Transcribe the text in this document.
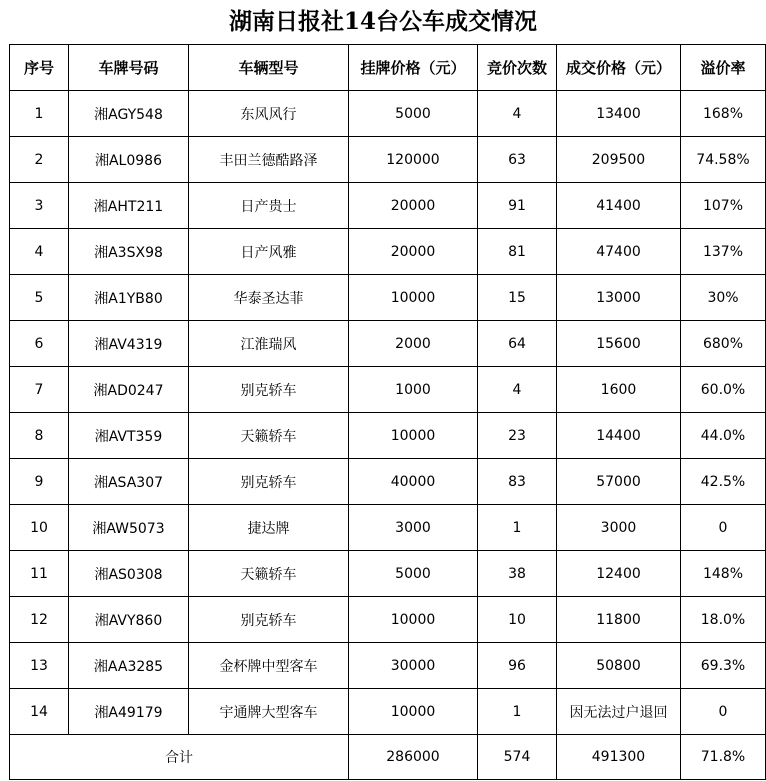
湖南日报社14台公车成交情况
序号	车牌号码	车辆型号	挂牌价格（元）	竞价次数	成交价格（元）	溢价率
1	湘AGY548	东风风行	5000	4	13400	168%
2	湘AL0986	丰田兰德酷路泽	120000	63	209500	74.58%
3	湘AHT211	日产贵士	20000	91	41400	107%
4	湘A3SX98	日产风雅	20000	81	47400	137%
5	湘A1YB80	华泰圣达菲	10000	15	13000	30%
6	湘AV4319	江淮瑞风	2000	64	15600	680%
7	湘AD0247	别克轿车	1000	4	1600	60.0%
8	湘AVT359	天籁轿车	10000	23	14400	44.0%
9	湘ASA307	别克轿车	40000	83	57000	42.5%
10	湘AW5073	捷达牌	3000	1	3000	0
11	湘AS0308	天籁轿车	5000	38	12400	148%
12	湘AVY860	别克轿车	10000	10	11800	18.0%
13	湘AA3285	金杯牌中型客车	30000	96	50800	69.3%
14	湘A49179	宇通牌大型客车	10000	1	因无法过户退回	0
合计			286000	574	491300	71.8%
